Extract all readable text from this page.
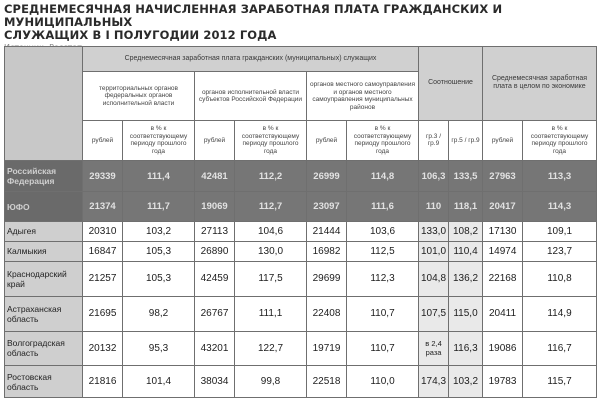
СРЕДНЕМЕСЯЧНАЯ НАЧИСЛЕННАЯ ЗАРАБОТНАЯ ПЛАТА ГРАЖДАНСКИХ И МУНИЦИПАЛЬНЫХ

СЛУЖАЩИХ В I ПОЛУГОДИИ 2012 ГОДА

	Среднемесячная заработная плата гражданских (муниципальных) служащих						Соотношение		Среднемесячная заработная плата в целом по экономике	
	территориальных органов федеральных органов исполнительной власти		органов исполнительной власти субъектов Российской Федерации		органов местного самоуправления и органов местного самоуправления муниципальных районов					
	рублей	в % к соответствующему периоду прошлого года	рублей	в % к соответствующему периоду прошлого года	рублей	в % к соответствующему периоду прошлого года	гр.3 / гр.9	гр.5 / гр.9	рублей	в % к соответствующему периоду прошлого года
Российская Федерация	29339	111,4	42481	112,2	26999	114,8	106,3	133,5	27963	113,3
ЮФО	21374	111,7	19069	112,7	23097	111,6	110	118,1	20417	114,3
Адыгея	20310	103,2	27113	104,6	21444	103,6	133,0	108,2	17130	109,1
Калмыкия	16847	105,3	26890	130,0	16982	112,5	101,0	110,4	14974	123,7
Краснодарский край	21257	105,3	42459	117,5	29699	112,3	104,8	136,2	22168	110,8
Астраханская область	21695	98,2	26767	111,1	22408	110,7	107,5	115,0	20411	114,9
Волгоградская область	20132	95,3	43201	122,7	19719	110,7	в 2,4 раза	116,3	19086	116,7
Ростовская область	21816	101,4	38034	99,8	22518	110,0	174,3	103,2	19783	115,7
